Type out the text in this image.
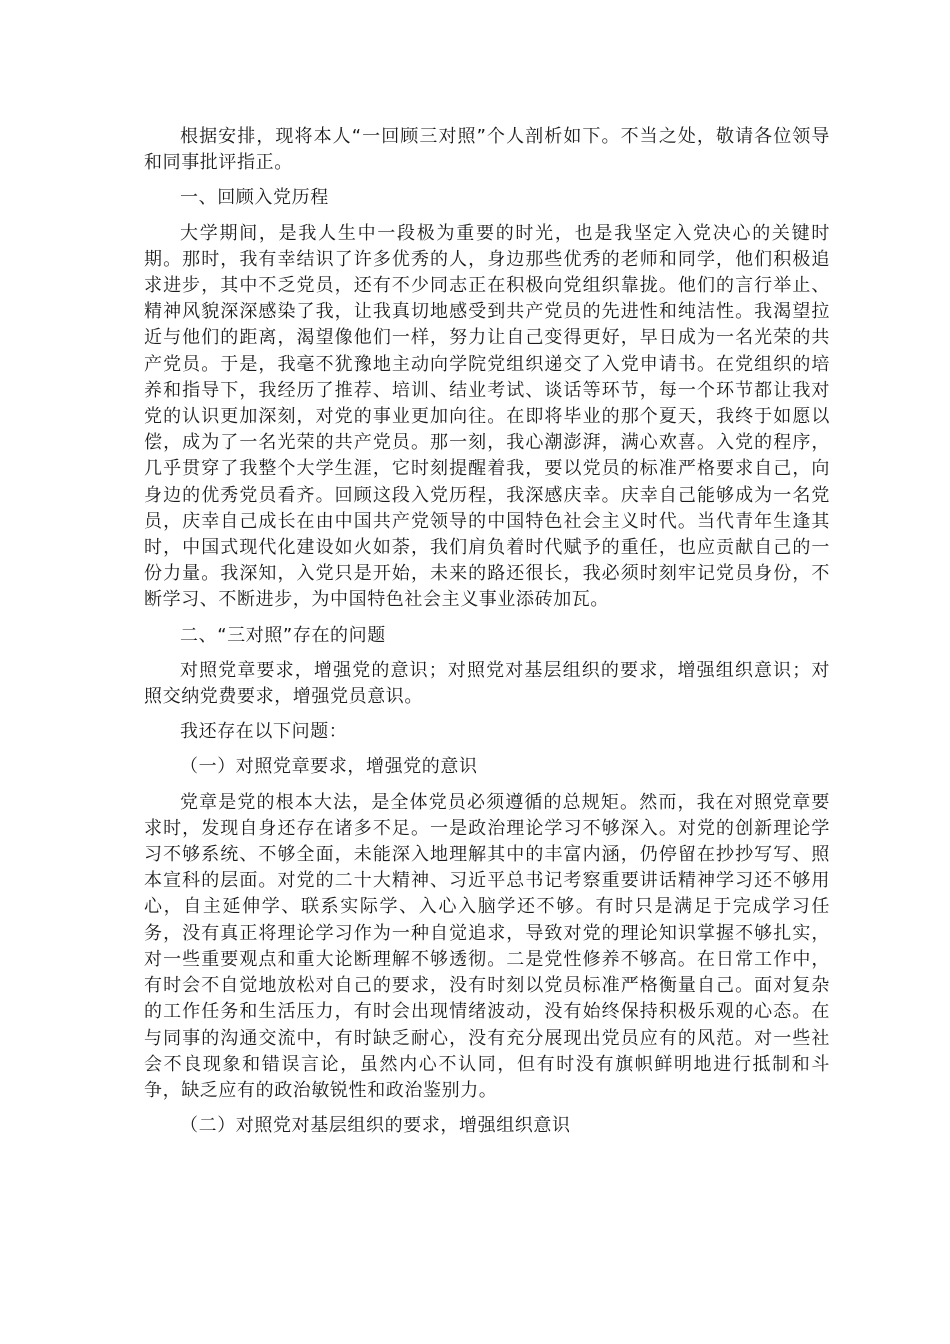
根据安排，现将本人“一回顾三对照”个人剖析如下。不当之处，敬请各位领导和同事批评指正。

一、回顾入党历程

大学期间，是我人生中一段极为重要的时光，也是我坚定入党决心的关键时期。那时，我有幸结识了许多优秀的人，身边那些优秀的老师和同学，他们积极追求进步，其中不乏党员，还有不少同志正在积极向党组织靠拢。他们的言行举止、精神风貌深深感染了我，让我真切地感受到共产党员的先进性和纯洁性。我渴望拉近与他们的距离，渴望像他们一样，努力让自己变得更好，早日成为一名光荣的共产党员。于是，我毫不犹豫地主动向学院党组织递交了入党申请书。在党组织的培养和指导下，我经历了推荐、培训、结业考试、谈话等环节，每一个环节都让我对党的认识更加深刻，对党的事业更加向往。在即将毕业的那个夏天，我终于如愿以偿，成为了一名光荣的共产党员。那一刻，我心潮澎湃，满心欢喜。入党的程序，几乎贯穿了我整个大学生涯，它时刻提醒着我，要以党员的标准严格要求自己，向身边的优秀党员看齐。回顾这段入党历程，我深感庆幸。庆幸自己能够成为一名党员，庆幸自己成长在由中国共产党领导的中国特色社会主义时代。当代青年生逢其时，中国式现代化建设如火如荼，我们肩负着时代赋予的重任，也应贡献自己的一份力量。我深知，入党只是开始，未来的路还很长，我必须时刻牢记党员身份，不断学习、不断进步，为中国特色社会主义事业添砖加瓦。

二、“三对照”存在的问题

对照党章要求，增强党的意识；对照党对基层组织的要求，增强组织意识；对照交纳党费要求，增强党员意识。

我还存在以下问题：

（一）对照党章要求，增强党的意识

党章是党的根本大法，是全体党员必须遵循的总规矩。然而，我在对照党章要求时，发现自身还存在诸多不足。一是政治理论学习不够深入。对党的创新理论学习不够系统、不够全面，未能深入地理解其中的丰富内涵，仍停留在抄抄写写、照本宣科的层面。对党的二十大精神、习近平总书记考察重要讲话精神学习还不够用心，自主延伸学、联系实际学、入心入脑学还不够。有时只是满足于完成学习任务，没有真正将理论学习作为一种自觉追求，导致对党的理论知识掌握不够扎实，对一些重要观点和重大论断理解不够透彻。二是党性修养不够高。在日常工作中，有时会不自觉地放松对自己的要求，没有时刻以党员标准严格衡量自己。面对复杂的工作任务和生活压力，有时会出现情绪波动，没有始终保持积极乐观的心态。在与同事的沟通交流中，有时缺乏耐心，没有充分展现出党员应有的风范。对一些社会不良现象和错误言论，虽然内心不认同，但有时没有旗帜鲜明地进行抵制和斗争，缺乏应有的政治敏锐性和政治鉴别力。

（二）对照党对基层组织的要求，增强组织意识
